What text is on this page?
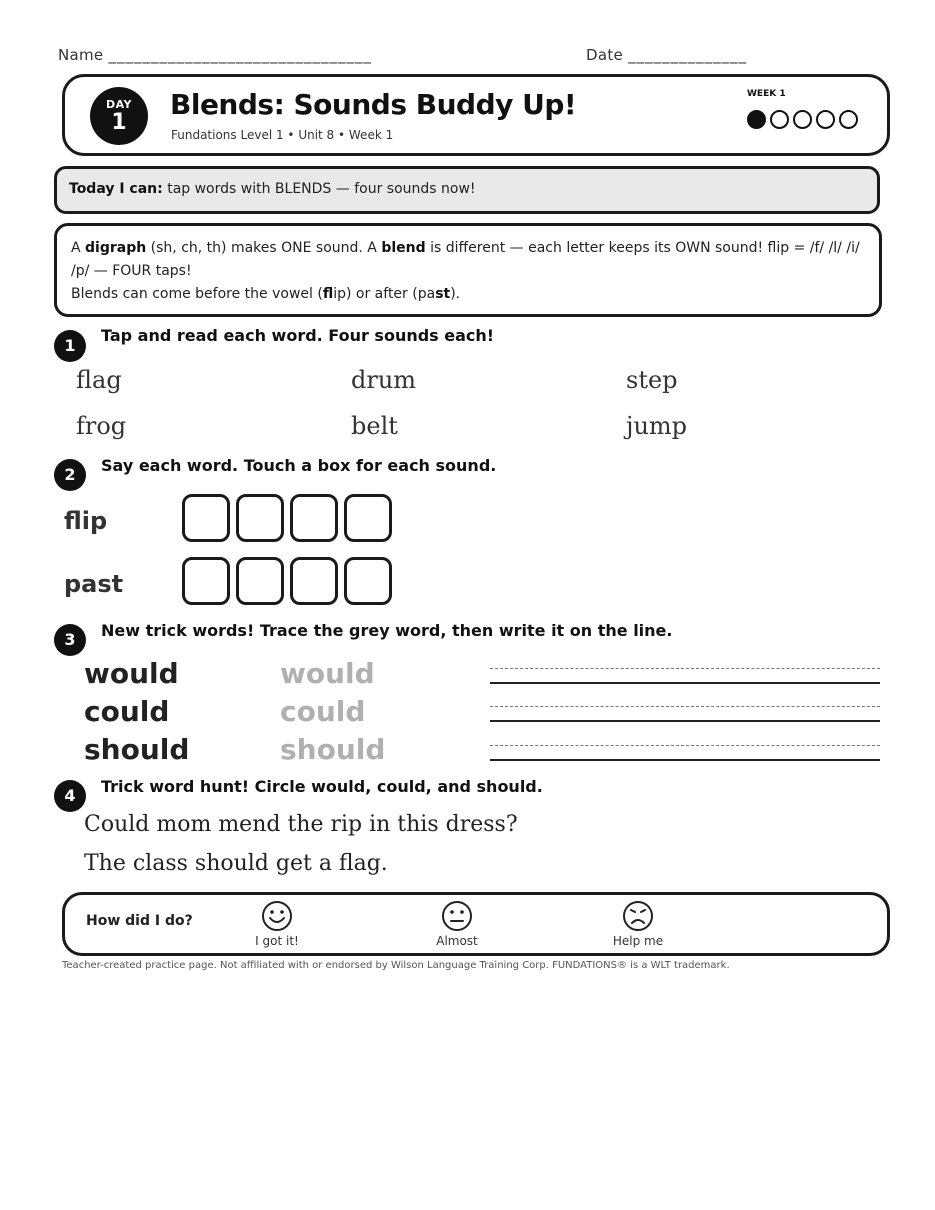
Name _______________________________	Date ______________
DAY
1
Blends: Sounds Buddy Up!
Fundations Level 1 • Unit 8 • Week 1
WEEK 1
Today I can: tap words with BLENDS — four sounds now!
A digraph (sh, ch, th) makes ONE sound. A blend is different — each letter keeps its OWN sound! flip = /f/ /l/ /i/ /p/ — FOUR taps!
Blends can come before the vowel (flip) or after (past).
1
Tap and read each word. Four sounds each!
flag	drum	step
frog	belt	jump
2	Say each word. Touch a box for each sound.
flip
past
3	New trick words! Trace the grey word, then write it on the line.
would	would
could	could
should	should
4	Trick word hunt! Circle would, could, and should.
Could mom mend the rip in this dress?
The class should get a flag.
How did I do?
I got it!	Almost	Help me
Teacher-created practice page. Not affiliated with or endorsed by Wilson Language Training Corp. FUNDATIONS® is a WLT trademark.
